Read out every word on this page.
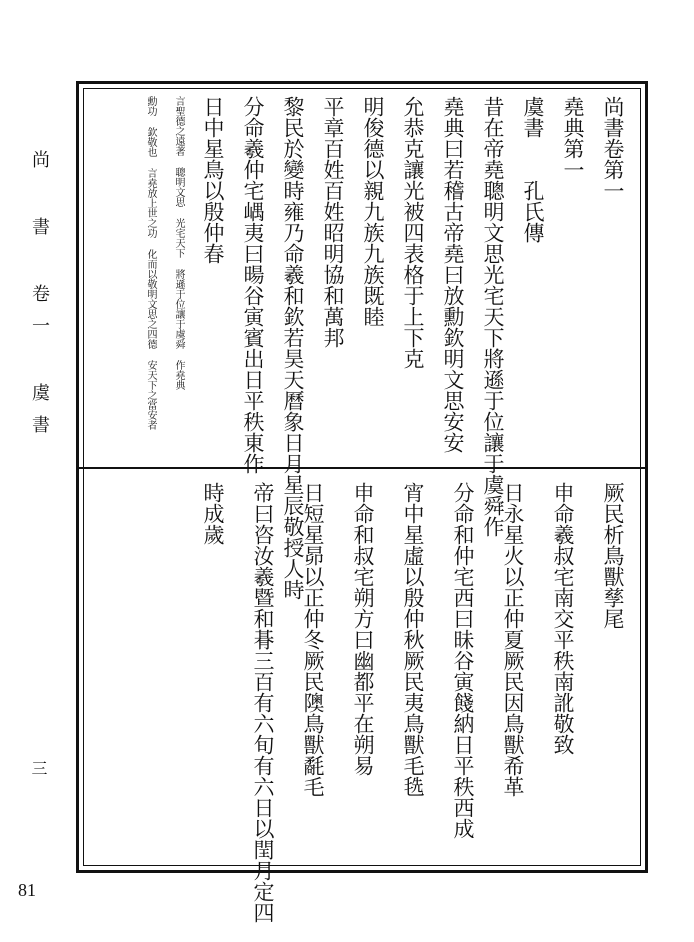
尚 書 卷一 虞書
三
81
尚書卷第一
堯典第一
虞書　　孔氏傳
昔在帝堯聰明文思光宅天下將遜于位讓于虞舜作
堯典曰若稽古帝堯曰放勳欽明文思安安
允恭克讓光被四表格于上下克
明俊德以親九族九族既睦
平章百姓百姓昭明協和萬邦
黎民於變時雍乃命羲和欽若昊天曆象日月星辰敬授人時
分命羲仲宅嵎夷曰暘谷寅賓出日平秩東作
日中星鳥以殷仲春
言聖德之遠著 聰明文思 光宅天下 將遜于位讓于虞舜 作堯典
勳功 欽敬也 言堯放上世之功 化而以敬明文思之四德 安天下之當安者
厥民析鳥獸孳尾
申命羲叔宅南交平秩南訛敬致
日永星火以正仲夏厥民因鳥獸希革
分命和仲宅西曰昧谷寅餞納日平秩西成
宵中星虛以殷仲秋厥民夷鳥獸毛毨
申命和叔宅朔方曰幽都平在朔易
日短星昴以正仲冬厥民隩鳥獸氄毛
帝曰咨汝羲暨和朞三百有六旬有六日以閏月定四
時成歲
